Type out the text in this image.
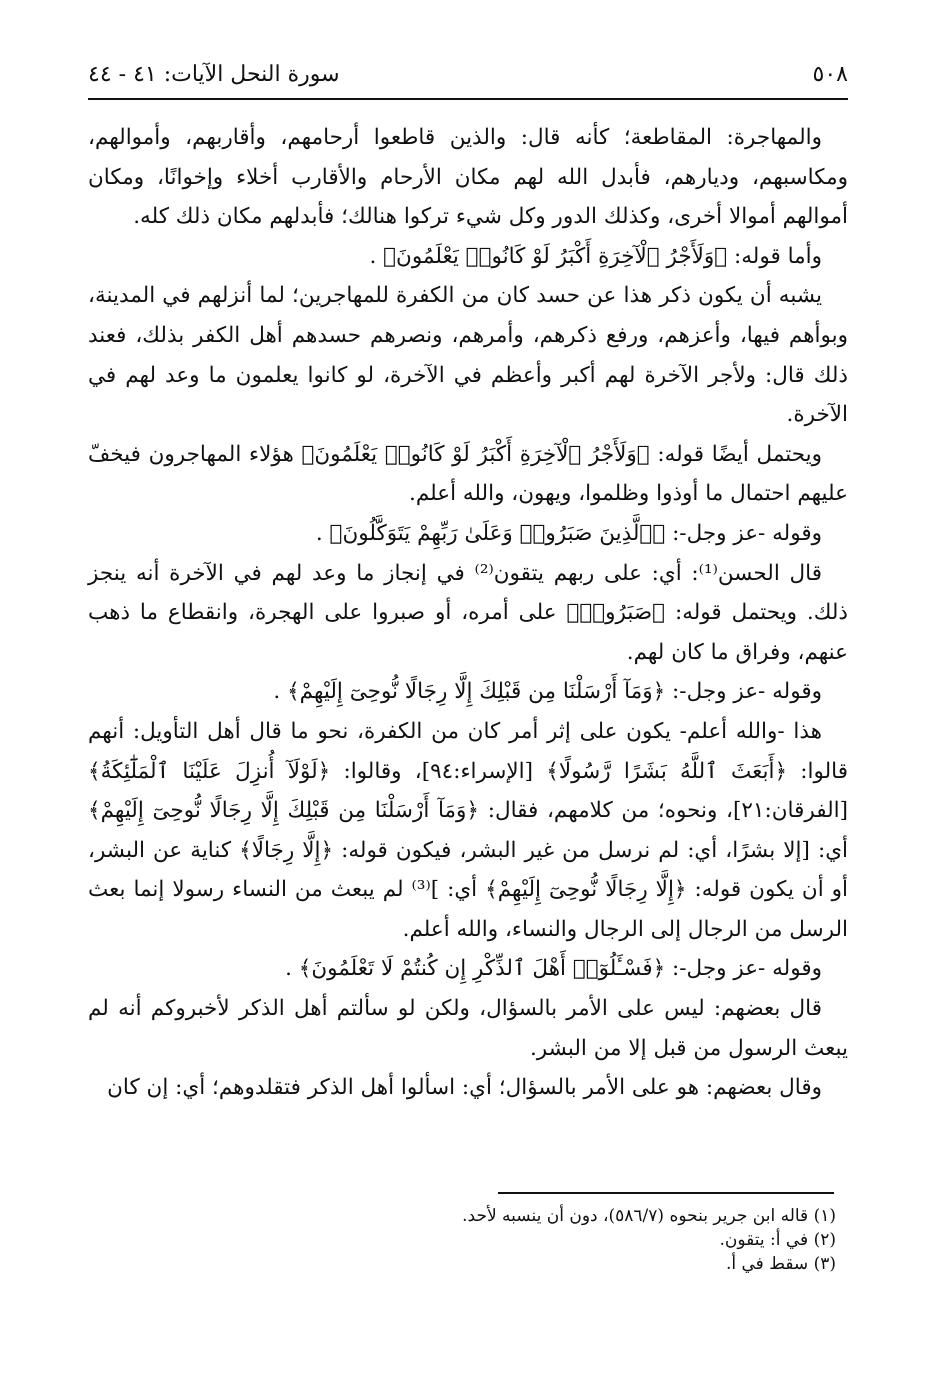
٥٠٨
سورة النحل الآيات: ٤١ - ٤٤

والمهاجرة: المقاطعة؛ كأنه قال: والذين قاطعوا أرحامهم، وأقاربهم، وأموالهم، ومكاسبهم، وديارهم، فأبدل الله لهم مكان الأرحام والأقارب أخلاء وإخوانًا، ومكان أموالهم أموالا أخرى، وكذلك الدور وكل شيء تركوا هنالك؛ فأبدلهم مكان ذلك كله.

وأما قوله: ﴿وَلَأَجْرُ ٱلْآخِرَةِ أَكْبَرُ لَوْ كَانُوا۟ يَعْلَمُونَ﴾ .

يشبه أن يكون ذكر هذا عن حسد كان من الكفرة للمهاجرين؛ لما أنزلهم في المدينة، وبوأهم فيها، وأعزهم، ورفع ذكرهم، وأمرهم، ونصرهم حسدهم أهل الكفر بذلك، فعند ذلك قال: ولأجر الآخرة لهم أكبر وأعظم في الآخرة، لو كانوا يعلمون ما وعد لهم في الآخرة.

ويحتمل أيضًا قوله: ﴿وَلَأَجْرُ ٱلْآخِرَةِ أَكْبَرُ لَوْ كَانُوا۟ يَعْلَمُونَ﴾ هؤلاء المهاجرون فيخفّ عليهم احتمال ما أوذوا وظلموا، ويهون، والله أعلم.

وقوله -عز وجل-: ﴿ٱلَّذِينَ صَبَرُوا۟ وَعَلَىٰ رَبِّهِمْ يَتَوَكَّلُونَ﴾ .

قال الحسن⁽¹⁾: أي: على ربهم يتقون⁽²⁾ في إنجاز ما وعد لهم في الآخرة أنه ينجز ذلك. ويحتمل قوله: ﴿صَبَرُوا۟﴾ على أمره، أو صبروا على الهجرة، وانقطاع ما ذهب عنهم، وفراق ما كان لهم.

وقوله -عز وجل-: ﴿وَمَآ أَرْسَلْنَا مِن قَبْلِكَ إِلَّا رِجَالًا نُّوحِىٓ إِلَيْهِمْ﴾ .

هذا -والله أعلم- يكون على إثر أمر كان من الكفرة، نحو ما قال أهل التأويل: أنهم قالوا: ﴿أَبَعَثَ ٱللَّهُ بَشَرًا رَّسُولًا﴾ [الإسراء:٩٤]، وقالوا: ﴿لَوْلَآ أُنزِلَ عَلَيْنَا ٱلْمَلَٰٓئِكَةُ﴾ [الفرقان:٢١]، ونحوه؛ من كلامهم، فقال: ﴿وَمَآ أَرْسَلْنَا مِن قَبْلِكَ إِلَّا رِجَالًا نُّوحِىٓ إِلَيْهِمْ﴾ أي: [إلا بشرًا، أي: لم نرسل من غير البشر، فيكون قوله: ﴿إِلَّا رِجَالًا﴾ كناية عن البشر، أو أن يكون قوله: ﴿إِلَّا رِجَالًا نُّوحِىٓ إِلَيْهِمْ﴾ أي: ]⁽³⁾ لم يبعث من النساء رسولا إنما بعث الرسل من الرجال إلى الرجال والنساء، والله أعلم.

وقوله -عز وجل-: ﴿فَسْـَٔلُوٓا۟ أَهْلَ ٱلذِّكْرِ إِن كُنتُمْ لَا تَعْلَمُونَ﴾ .

قال بعضهم: ليس على الأمر بالسؤال، ولكن لو سألتم أهل الذكر لأخبروكم أنه لم يبعث الرسول من قبل إلا من البشر.

وقال بعضهم: هو على الأمر بالسؤال؛ أي: اسألوا أهل الذكر فتقلدوهم؛ أي: إن كان

(١) قاله ابن جرير بنحوه (٥٨٦/٧)، دون أن ينسبه لأحد.
(٢) في أ: يتقون.
(٣) سقط في أ.
